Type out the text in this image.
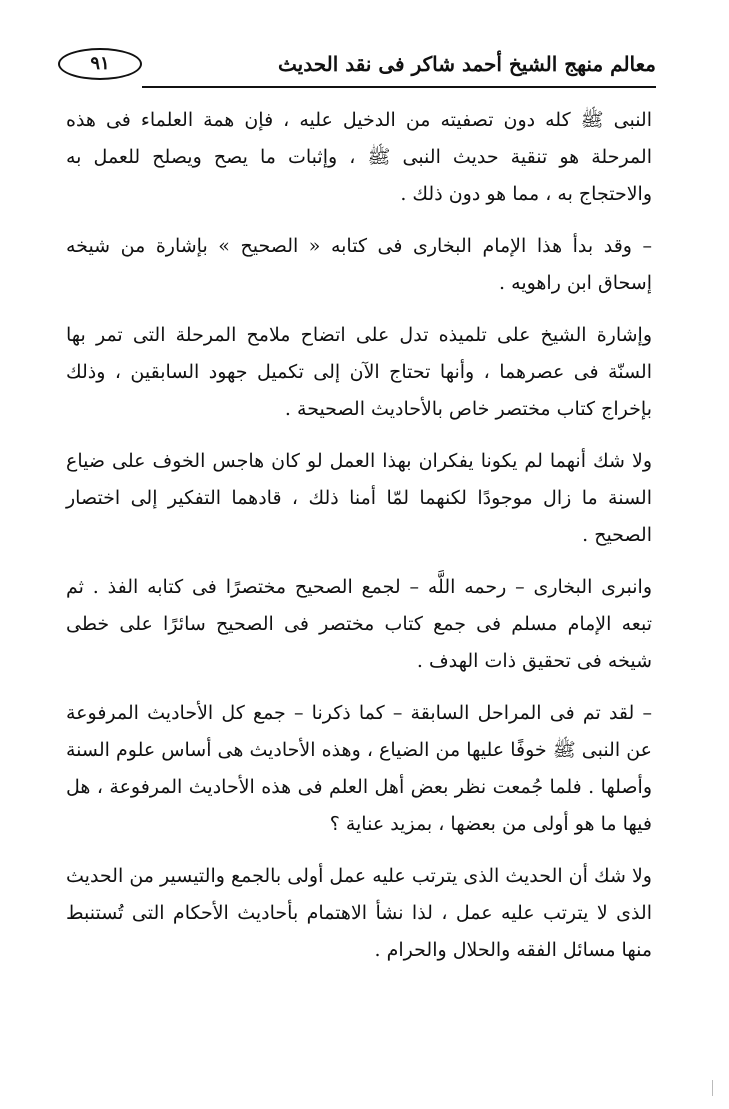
٩١	معالم منهج الشيخ أحمد شاكر فى نقد الحديث

النبى ﷺ كله دون تصفيته من الدخيل عليه ، فإن همة العلماء فى هذه المرحلة هو تنقية حديث النبى ﷺ ، وإثبات ما يصح ويصلح للعمل به والاحتجاج به ، مما هو دون ذلك .

– وقد بدأ هذا الإمام البخارى فى كتابه « الصحيح » بإشارة من شيخه إسحاق ابن راهويه .

وإشارة الشيخ على تلميذه تدل على اتضاح ملامح المرحلة التى تمر بها السنّة فى عصرهما ، وأنها تحتاج الآن إلى تكميل جهود السابقين ، وذلك بإخراج كتاب مختصر خاص بالأحاديث الصحيحة .

ولا شك أنهما لم يكونا يفكران بهذا العمل لو كان هاجس الخوف على ضياع السنة ما زال موجودًا لكنهما لمّا أمنا ذلك ، قادهما التفكير إلى اختصار الصحيح .

وانبرى البخارى – رحمه اللَّه – لجمع الصحيح مختصرًا فى كتابه الفذ . ثم تبعه الإمام مسلم فى جمع كتاب مختصر فى الصحيح سائرًا على خطى شيخه فى تحقيق ذات الهدف .

– لقد تم فى المراحل السابقة – كما ذكرنا – جمع كل الأحاديث المرفوعة عن النبى ﷺ خوفًا عليها من الضياع ، وهذه الأحاديث هى أساس علوم السنة وأصلها . فلما جُمعت نظر بعض أهل العلم فى هذه الأحاديث المرفوعة ، هل فيها ما هو أولى من بعضها ، بمزيد عناية ؟

ولا شك أن الحديث الذى يترتب عليه عمل أولى بالجمع والتيسير من الحديث الذى لا يترتب عليه عمل ، لذا نشأ الاهتمام بأحاديث الأحكام التى تُستنبط منها مسائل الفقه والحلال والحرام .
